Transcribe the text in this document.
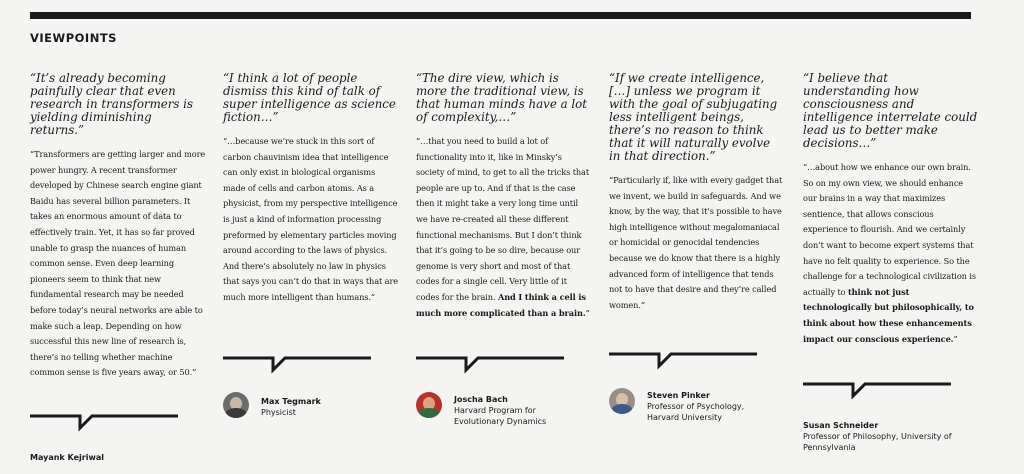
VIEWPOINTS

“It’s already becoming painfully clear that even research in transformers is yielding diminishing returns.”

“Transformers are getting larger and more power hungry. A recent transformer developed by Chinese search engine giant Baidu has several billion parameters. It takes an enormous amount of data to effectively train. Yet, it has so far proved unable to grasp the nuances of human common sense. Even deep learning pioneers seem to think that new fundamental research may be needed before today’s neural networks are able to make such a leap. Depending on how successful this new line of research is, there’s no telling whether machine common sense is five years away, or 50.”

Mayank Kejriwal

“I think a lot of people dismiss this kind of talk of super intelligence as science fiction…”

“…because we’re stuck in this sort of carbon chauvinism idea that intelligence can only exist in biological organisms made of cells and carbon atoms. As a physicist, from my perspective intelligence is just a kind of information processing preformed by elementary particles moving around according to the laws of physics. And there’s absolutely no law in physics that says you can’t do that in ways that are much more intelligent than humans.”

Max Tegmark
Physicist

“The dire view, which is more the traditional view, is that human minds have a lot of complexity,…”

“…that you need to build a lot of functionality into it, like in Minsky’s society of mind, to get to all the tricks that people are up to. And if that is the case then it might take a very long time until we have re-created all these different functional mechanisms. But I don’t think that it’s going to be so dire, because our genome is very short and most of that codes for a single cell. Very little of it codes for the brain. And I think a cell is much more complicated than a brain.”

Joscha Bach
Harvard Program for Evolutionary Dynamics

“If we create intelligence, […] unless we program it with the goal of subjugating less intelligent beings, there’s no reason to think that it will naturally evolve in that direction.”

“Particularly if, like with every gadget that we invent, we build in safeguards. And we know, by the way, that it’s possible to have high intelligence without megalomaniacal or homicidal or genocidal tendencies because we do know that there is a highly advanced form of intelligence that tends not to have that desire and they’re called women.”

Steven Pinker
Professor of Psychology, Harvard University

“I believe that understanding how consciousness and intelligence interrelate could lead us to better make decisions…”

“…about how we enhance our own brain. So on my own view, we should enhance our brains in a way that maximizes sentience, that allows conscious experience to flourish. And we certainly don’t want to become expert systems that have no felt quality to experience. So the challenge for a technological civilization is actually to think not just technologically but philosophically, to think about how these enhancements impact our conscious experience.”

Susan Schneider
Professor of Philosophy, University of Pennsylvania
